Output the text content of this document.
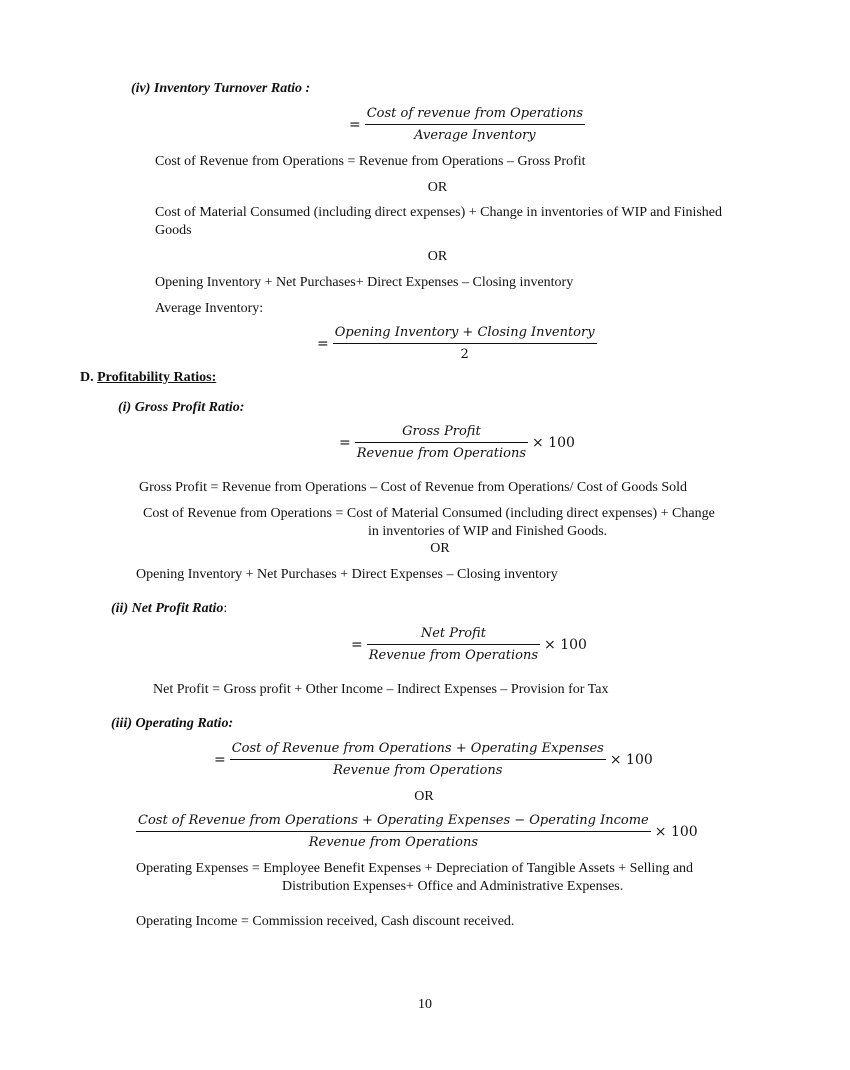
(iv) Inventory Turnover Ratio :
= $\frac{\text{Cost of revenue from Operations}}{\text{Average Inventory}}$
Cost of Revenue from Operations = Revenue from Operations – Gross Profit
OR
Cost of Material Consumed (including direct expenses) + Change in inventories of WIP and Finished
Goods
OR
Opening Inventory + Net Purchases+ Direct Expenses – Closing inventory
Average Inventory:
= $\frac{\text{Opening Inventory + Closing Inventory}}{2}$
D. Profitability Ratios:
(i) Gross Profit Ratio:
= $\frac{\text{Gross Profit}}{\text{Revenue from Operations}} \times 100$
Gross Profit = Revenue from Operations – Cost of Revenue from Operations/ Cost of Goods Sold
Cost of Revenue from Operations = Cost of Material Consumed (including direct expenses) + Change
in inventories of WIP and Finished Goods.
OR
Opening Inventory + Net Purchases + Direct Expenses – Closing inventory
(ii) Net Profit Ratio:
= $\frac{\text{Net Profit}}{\text{Revenue from Operations}} \times 100$
Net Profit = Gross profit + Other Income – Indirect Expenses – Provision for Tax
(iii) Operating Ratio:
= $\frac{\text{Cost of Revenue from Operations + Operating Expenses}}{\text{Revenue from Operations}} \times 100$
OR
Cost of Revenue from Operations + Operating Expenses − Operating Income
Revenue from Operations
× 100
Operating Expenses = Employee Benefit Expenses + Depreciation of Tangible Assets + Selling and
Distribution Expenses+ Office and Administrative Expenses.
Operating Income = Commission received, Cash discount received.
10
